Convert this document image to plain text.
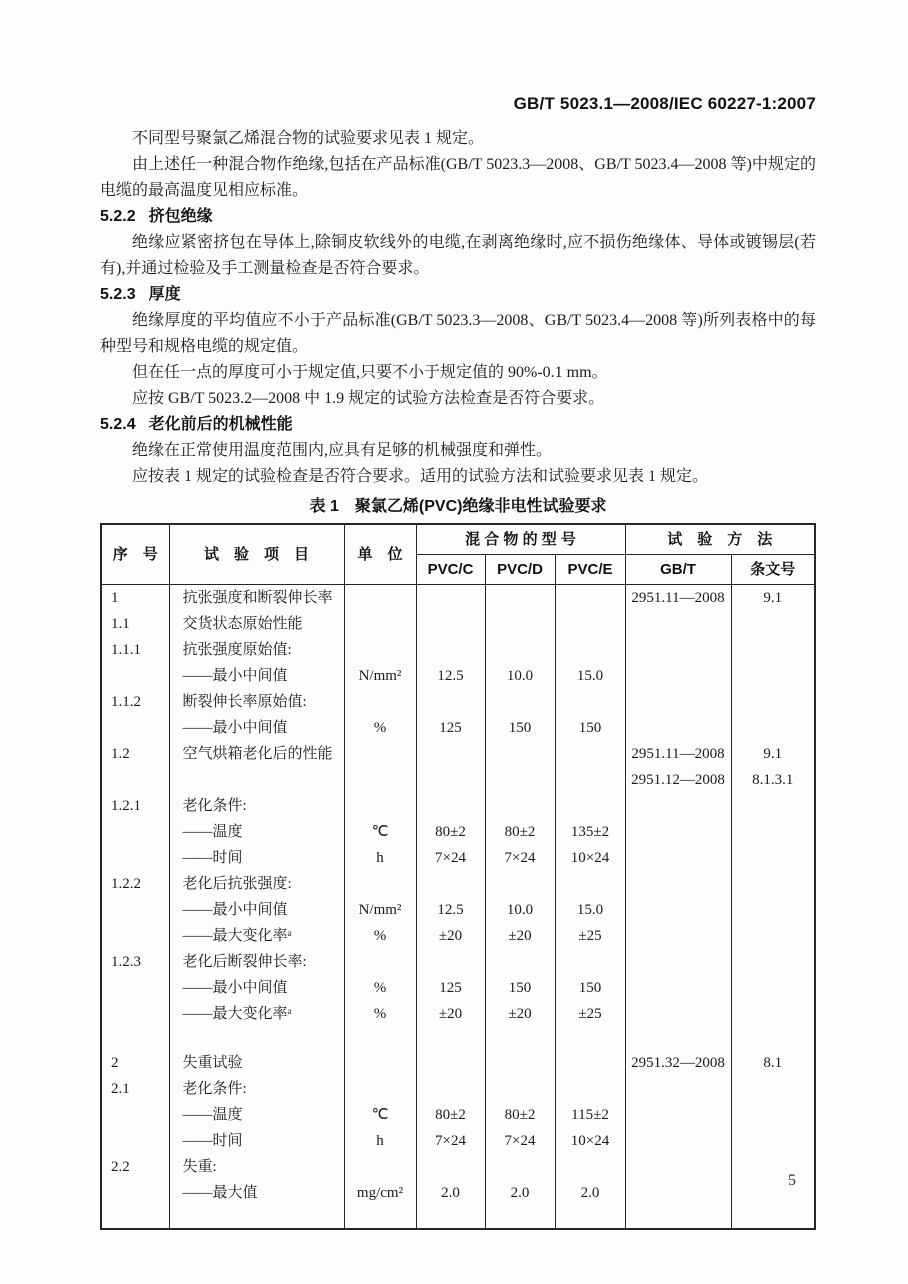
GB/T 5023.1—2008/IEC 60227-1:2007

不同型号聚氯乙烯混合物的试验要求见表 1 规定。

由上述任一种混合物作绝缘,包括在产品标准(GB/T 5023.3—2008、GB/T 5023.4—2008 等)中规定的电缆的最高温度见相应标准。

5.2.2 挤包绝缘

绝缘应紧密挤包在导体上,除铜皮软线外的电缆,在剥离绝缘时,应不损伤绝缘体、导体或镀锡层(若有),并通过检验及手工测量检查是否符合要求。

5.2.3 厚度

绝缘厚度的平均值应不小于产品标准(GB/T 5023.3—2008、GB/T 5023.4—2008 等)所列表格中的每种型号和规格电缆的规定值。

但在任一点的厚度可小于规定值,只要不小于规定值的 90%-0.1 mm。

应按 GB/T 5023.2—2008 中 1.9 规定的试验方法检查是否符合要求。

5.2.4 老化前后的机械性能

绝缘在正常使用温度范围内,应具有足够的机械强度和弹性。

应按表 1 规定的试验检查是否符合要求。适用的试验方法和试验要求见表 1 规定。

表 1　聚氯乙烯(PVC)绝缘非电性试验要求
序　号	试　验　项　目	单　位	混 合 物 的 型 号			试　验　方　法	
			PVC/C	PVC/D	PVC/E	GB/T	条文号
1	抗张强度和断裂伸长率					2951.11—2008	9.1
1.1	交货状态原始性能						
1.1.1	抗张强度原始值:						
	——最小中间值	N/mm²	12.5	10.0	15.0		
1.1.2	断裂伸长率原始值:						
	——最小中间值	%	125	150	150		
1.2	空气烘箱老化后的性能					2951.11—2008	9.1
						2951.12—2008	8.1.3.1
1.2.1	老化条件:						
	——温度	℃	80±2	80±2	135±2		
	——时间	h	7×24	7×24	10×24		
1.2.2	老化后抗张强度:						
	——最小中间值	N/mm²	12.5	10.0	15.0		
	——最大变化率ᵃ	%	±20	±20	±25		
1.2.3	老化后断裂伸长率:						
	——最小中间值	%	125	150	150		
	——最大变化率ᵃ	%	±20	±20	±25		

2	失重试验					2951.32—2008	8.1
2.1	老化条件:						
	——温度	℃	80±2	80±2	115±2		
	——时间	h	7×24	7×24	10×24		
2.2	失重:						
	——最大值	mg/cm²	2.0	2.0	2.0		

5
